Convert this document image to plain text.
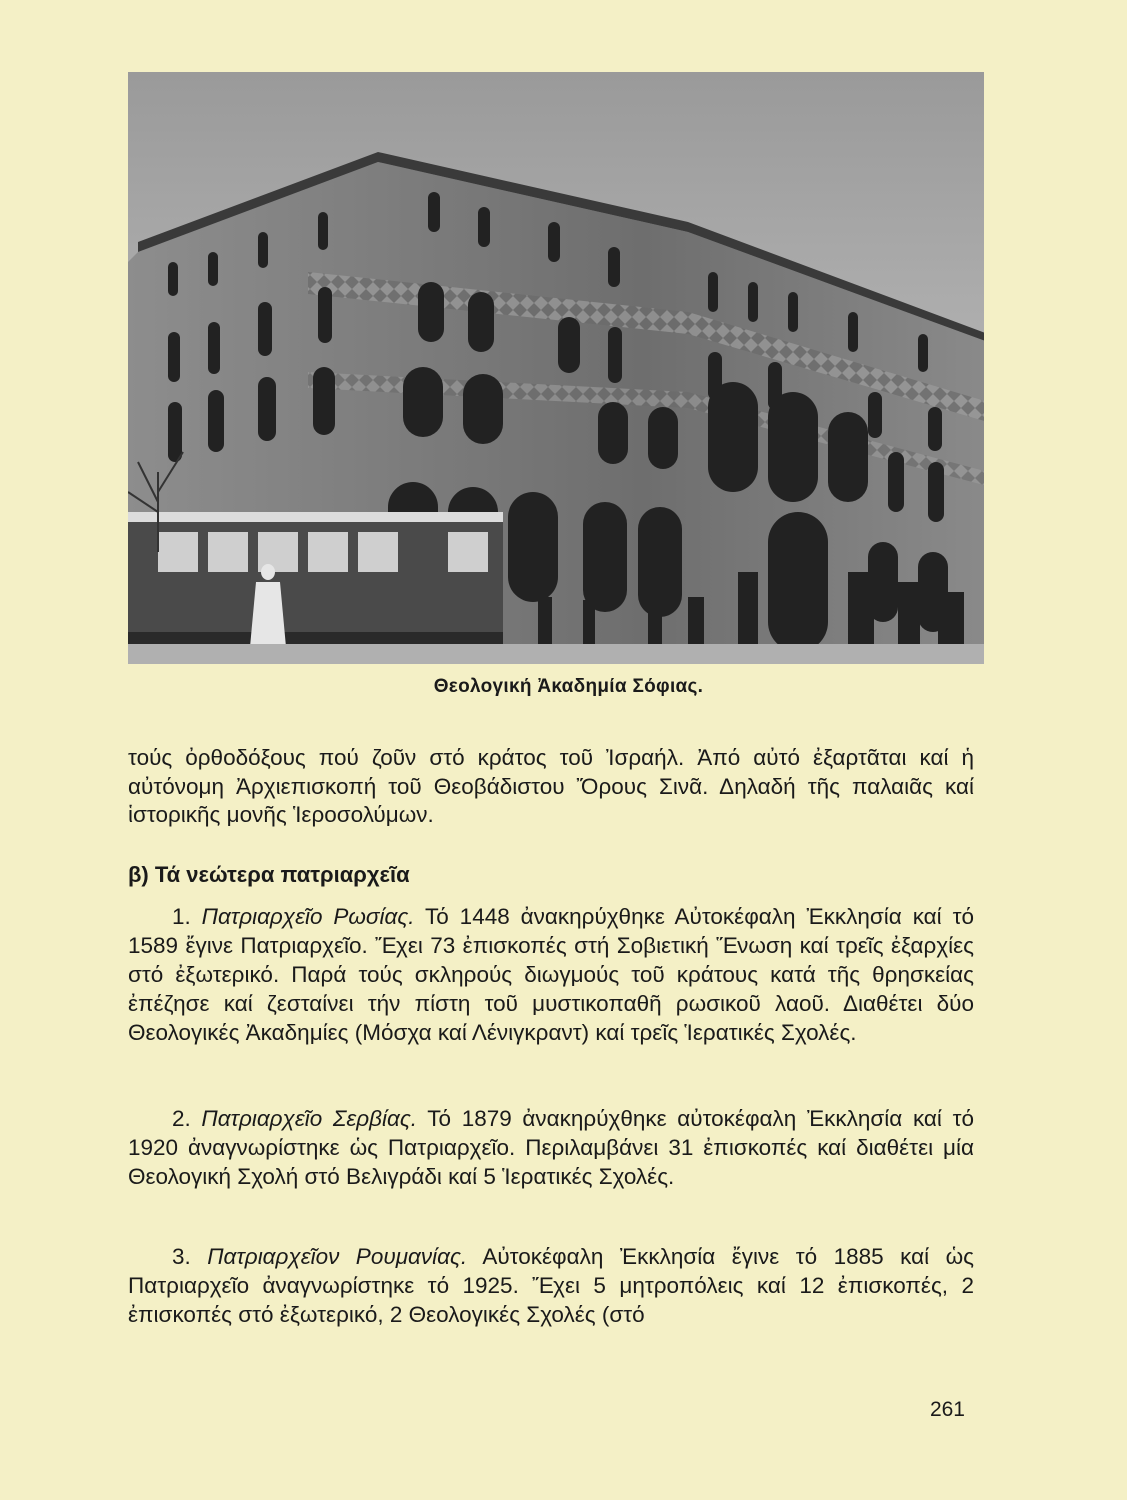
Θεολογική Ἀκαδημία Σόφιας.

τούς ὀρθοδόξους πού ζοῦν στό κράτος τοῦ Ἰσραήλ. Ἀπό αὐτό ἐξαρτᾶται καί ἡ αὐτόνομη Ἀρχιεπισκοπή τοῦ Θεοβάδιστου Ὄρους Σινᾶ. Δηλαδή τῆς παλαιᾶς καί ἱστορικῆς μονῆς Ἱεροσολύμων.

β) Τά νεώτερα πατριαρχεῖα

1. Πατριαρχεῖο Ρωσίας. Τό 1448 ἀνακηρύχθηκε Αὐτοκέφαλη Ἐκκλησία καί τό 1589 ἔγινε Πατριαρχεῖο. Ἔχει 73 ἐπισκοπές στή Σοβιετική Ἕνωση καί τρεῖς ἐξαρχίες στό ἐξωτερικό. Παρά τούς σκληρούς διωγμούς τοῦ κράτους κατά τῆς θρησκείας ἐπέζησε καί ζεσταίνει τήν πίστη τοῦ μυστικοπαθῆ ρωσικοῦ λαοῦ. Διαθέτει δύο Θεολογικές Ἀκαδημίες (Μόσχα καί Λένιγκραντ) καί τρεῖς Ἱερατικές Σχολές.

2. Πατριαρχεῖο Σερβίας. Τό 1879 ἀνακηρύχθηκε αὐτοκέφαλη Ἐκκλησία καί τό 1920 ἀναγνωρίστηκε ὡς Πατριαρχεῖο. Περιλαμβάνει 31 ἐπισκοπές καί διαθέτει μία Θεολογική Σχολή στό Βελιγράδι καί 5 Ἱερατικές Σχολές.

3. Πατριαρχεῖον Ρουμανίας. Αὐτοκέφαλη Ἐκκλησία ἔγινε τό 1885 καί ὡς Πατριαρχεῖο ἀναγνωρίστηκε τό 1925. Ἔχει 5 μητροπόλεις καί 12 ἐπισκοπές, 2 ἐπισκοπές στό ἐξωτερικό, 2 Θεολογικές Σχολές (στό

261
